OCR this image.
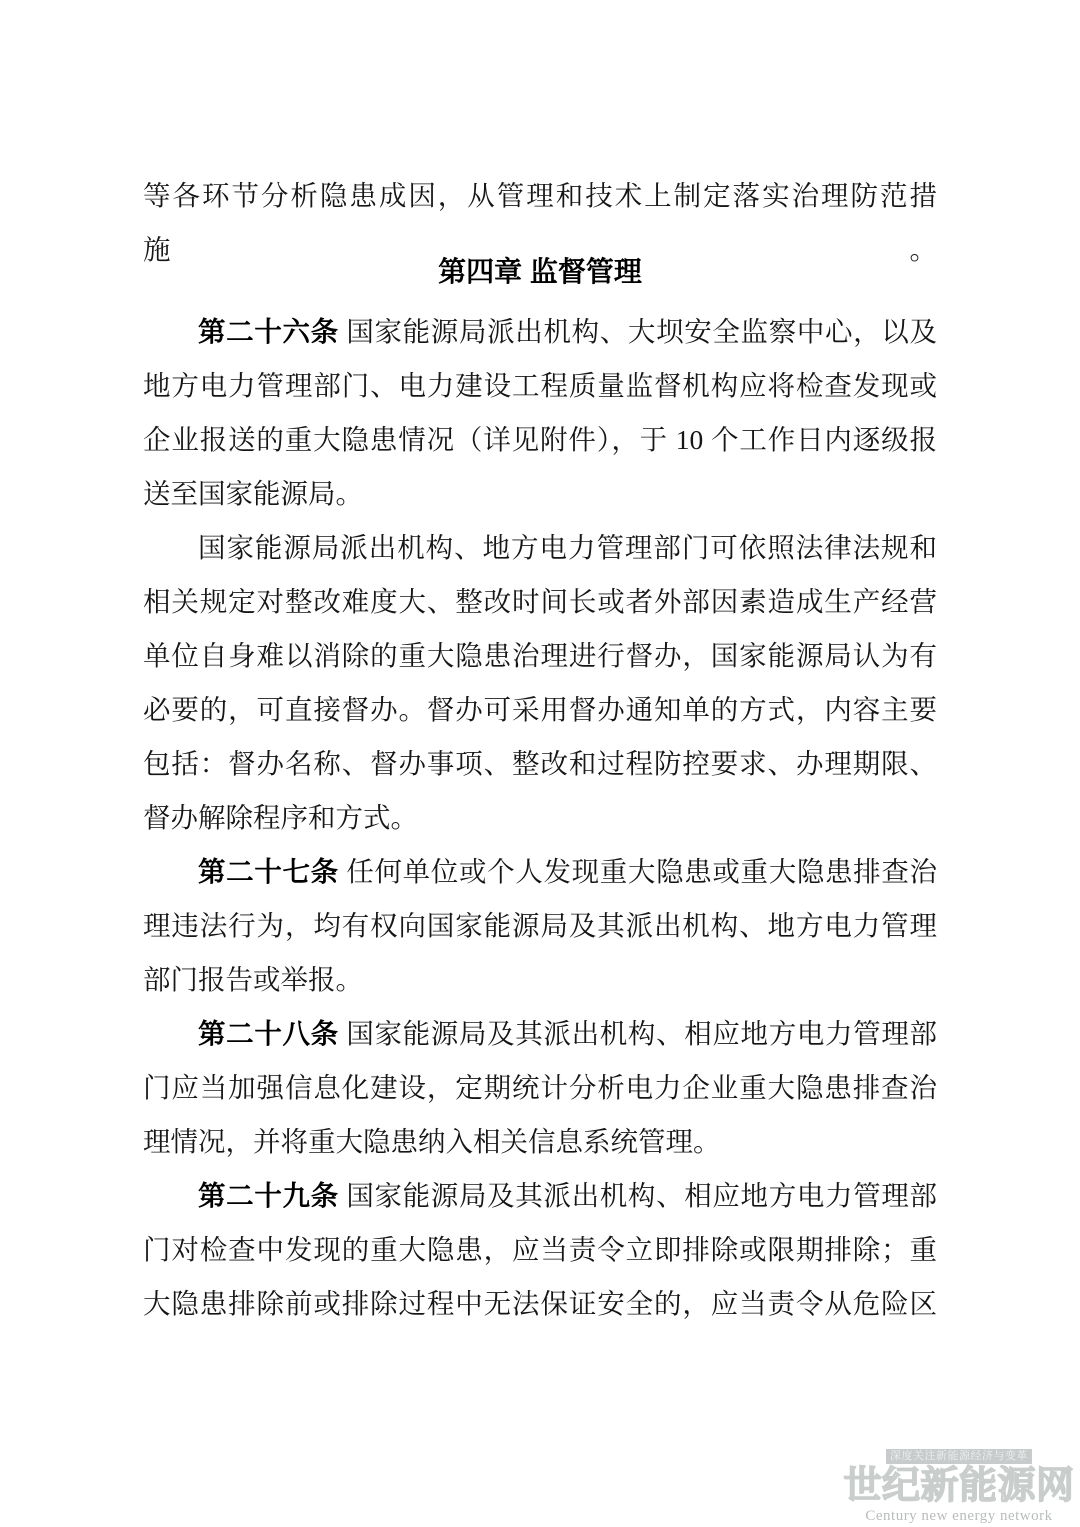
等各环节分析隐患成因，从管理和技术上制定落实治理防范措施。
第四章 监督管理
第二十六条 国家能源局派出机构、大坝安全监察中心，以及
地方电力管理部门、电力建设工程质量监督机构应将检查发现或
企业报送的重大隐患情况（详见附件），于 10 个工作日内逐级报
送至国家能源局。
国家能源局派出机构、地方电力管理部门可依照法律法规和
相关规定对整改难度大、整改时间长或者外部因素造成生产经营
单位自身难以消除的重大隐患治理进行督办，国家能源局认为有
必要的，可直接督办。督办可采用督办通知单的方式，内容主要
包括：督办名称、督办事项、整改和过程防控要求、办理期限、
督办解除程序和方式。
第二十七条 任何单位或个人发现重大隐患或重大隐患排查治
理违法行为，均有权向国家能源局及其派出机构、地方电力管理
部门报告或举报。
第二十八条 国家能源局及其派出机构、相应地方电力管理部
门应当加强信息化建设，定期统计分析电力企业重大隐患排查治
理情况，并将重大隐患纳入相关信息系统管理。
第二十九条 国家能源局及其派出机构、相应地方电力管理部
门对检查中发现的重大隐患，应当责令立即排除或限期排除；重
大隐患排除前或排除过程中无法保证安全的，应当责令从危险区
深度关注新能源经济与变革
世纪新能源网
Century new energy network
